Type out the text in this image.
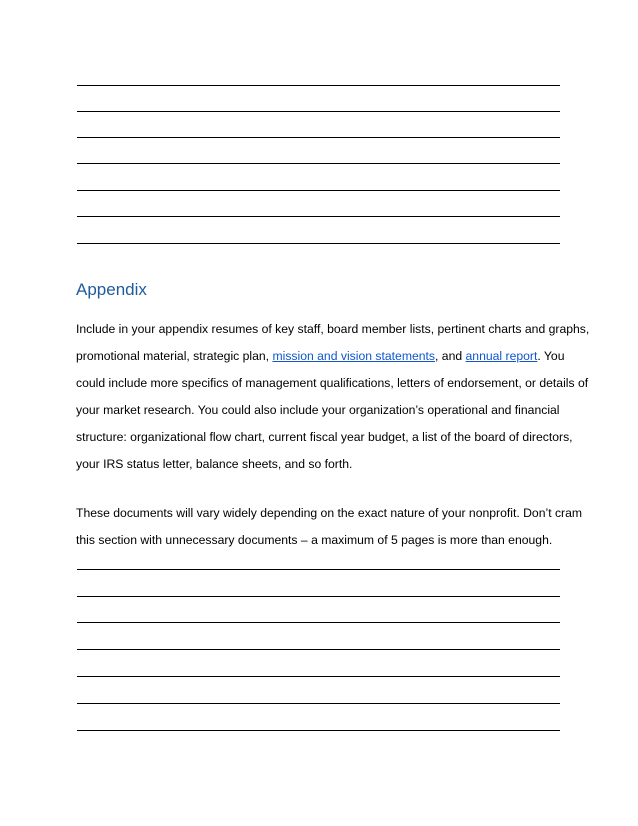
Appendix
Include in your appendix resumes of key staff, board member lists, pertinent charts and graphs,
promotional material, strategic plan, mission and vision statements, and annual report. You
could include more specifics of management qualifications, letters of endorsement, or details of
your market research. You could also include your organization’s operational and financial
structure: organizational flow chart, current fiscal year budget, a list of the board of directors,
your IRS status letter, balance sheets, and so forth.
These documents will vary widely depending on the exact nature of your nonprofit. Don’t cram
this section with unnecessary documents – a maximum of 5 pages is more than enough.
